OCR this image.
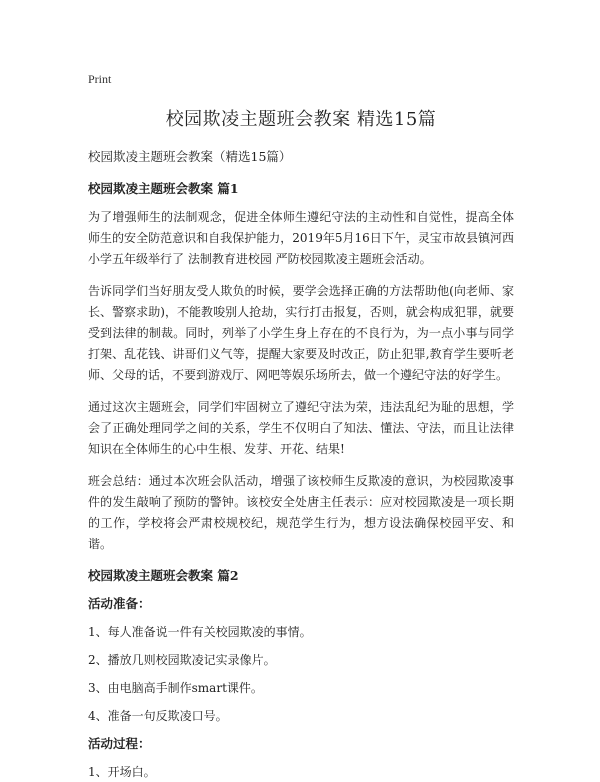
Print
校园欺凌主题班会教案 精选15篇
校园欺凌主题班会教案（精选15篇）
校园欺凌主题班会教案 篇1

为了增强师生的法制观念，促进全体师生遵纪守法的主动性和自觉性，提高全体师生的安全防范意识和自我保护能力，2019年5月16日下午，灵宝市故县镇河西小学五年级举行了 法制教育进校园 严防校园欺凌主题班会活动。

告诉同学们当好朋友受人欺负的时候，要学会选择正确的方法帮助他(向老师、家长、警察求助)，不能教唆别人抢劫，实行打击报复，否则，就会构成犯罪，就要受到法律的制裁。同时，列举了小学生身上存在的不良行为，为一点小事与同学打架、乱花钱、讲哥们义气等，提醒大家要及时改正，防止犯罪,教育学生要听老师、父母的话，不要到游戏厅、网吧等娱乐场所去，做一个遵纪守法的好学生。

通过这次主题班会，同学们牢固树立了遵纪守法为荣，违法乱纪为耻的思想，学会了正确处理同学之间的关系，学生不仅明白了知法、懂法、守法，而且让法律知识在全体师生的心中生根、发芽、开花、结果!

班会总结：通过本次班会队活动，增强了该校师生反欺凌的意识，为校园欺凌事件的发生敲响了预防的警钟。该校安全处唐主任表示：应对校园欺凌是一项长期的工作，学校将会严肃校规校纪，规范学生行为，想方设法确保校园平安、和谐。

校园欺凌主题班会教案 篇2
活动准备：
1、每人准备说一件有关校园欺凌的事情。
2、播放几则校园欺凌记实录像片。
3、由电脑高手制作smart课件。
4、准备一句反欺凌口号。
活动过程：
1、开场白。
